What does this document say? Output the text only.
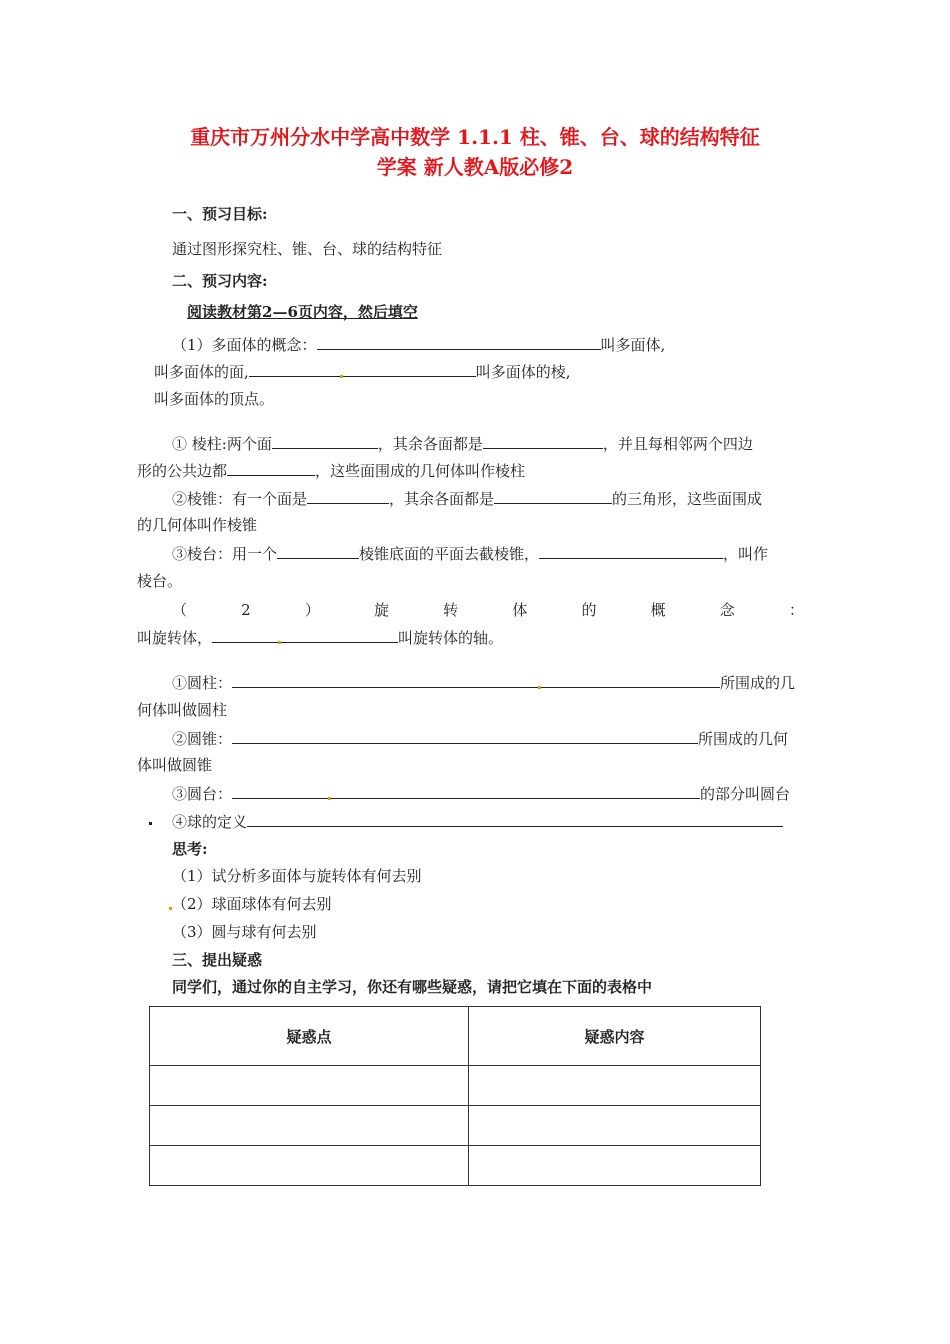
重庆市万州分水中学高中数学 1.1.1 柱、锥、台、球的结构特征
学案 新人教A版必修2
一、预习目标:
通过图形探究柱、锥、台、球的结构特征
二、预习内容:
阅读教材第2—6页内容，然后填空
（1）多面体的概念：	叫多面体,
叫多面体的面,	叫多面体的棱,
叫多面体的顶点。
① 棱柱:两个面	，其余各面都是	，并且每相邻两个四边
形的公共边都	，这些面围成的几何体叫作棱柱
②棱锥：有一个面是	，其余各面都是	的三角形，这些面围成
的几何体叫作棱锥
③棱台：用一个	棱锥底面的平面去截棱锥，	，叫作
棱台。
（	2	）	旋	转	体	的	概	念	：
叫旋转体，	叫旋转体的轴。
①圆柱：	所围成的几
何体叫做圆柱
②圆锥：	所围成的几何
体叫做圆锥
③圆台：	的部分叫圆台
④球的定义
思考:
（1）试分析多面体与旋转体有何去别
（2）球面球体有何去别
（3）圆与球有何去别
三、提出疑惑
同学们，通过你的自主学习，你还有哪些疑惑，请把它填在下面的表格中
疑惑点	疑惑内容
